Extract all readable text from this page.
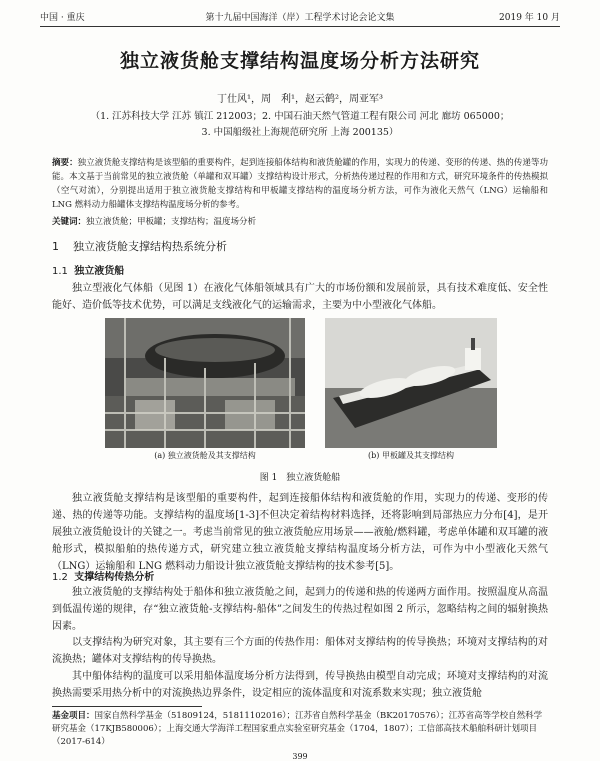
中国 · 重庆	第十九届中国海洋（岸）工程学术讨论会论文集	2019 年 10 月
独立液货舱支撑结构温度场分析方法研究
丁仕风¹，周　利¹，赵云鹤²，周亚军³
（1. 江苏科技大学 江苏 镇江 212003；2. 中国石油天然气管道工程有限公司 河北 廊坊 065000；
3. 中国船级社上海规范研究所 上海 200135）
摘要：独立液货舱支撑结构是该型船的重要构件，起到连接船体结构和液货舱罐的作用，实现力的传递、变形的传递、热的传递等功能。本文基于当前常见的独立液货舱（单罐和双耳罐）支撑结构设计形式，分析热传递过程的作用和方式，研究环境条件的传热模拟（空气对流），分别提出适用于独立液货舱支撑结构和甲板罐支撑结构的温度场分析方法，可作为液化天然气（LNG）运输船和 LNG 燃料动力船罐体支撑结构温度场分析的参考。
关键词：独立液货舱；甲板罐；支撑结构；温度场分析
1 独立液货舱支撑结构热系统分析
1.1 独立液货船
独立型液化气体船（见图 1）在液化气体船领域具有广大的市场份额和发展前景，具有技术难度低、安全性能好、造价低等技术优势，可以满足支线液化气的运输需求，主要为中小型液化气体船。
(a) 独立液货舱及其支撑结构	(b) 甲板罐及其支撑结构
图 1　独立液货舱船
独立液货舱支撑结构是该型船的重要构件，起到连接船体结构和液货舱的作用，实现力的传递、变形的传递、热的传递等功能。支撑结构的温度场[1-3]不但决定着结构材料选择，还将影响到局部热应力分布[4]，是开展独立液货舱设计的关键之一。考虑当前常见的独立液货舱应用场景——液舱/燃料罐，考虑单体罐和双耳罐的液舱形式，模拟船舶的热传递方式，研究建立独立液货舱支撑结构温度场分析方法，可作为中小型液化天然气（LNG）运输船和 LNG 燃料动力船设计独立液货舱支撑结构的技术参考[5]。
1.2 支撑结构传热分析
独立液货舱的支撑结构处于船体和独立液货舱之间，起到力的传递和热的传递两方面作用。按照温度从高温到低温传递的规律，存“独立液货舱-支撑结构-船体”之间发生的传热过程如图 2 所示，忽略结构之间的辐射换热因素。
以支撑结构为研究对象，其主要有三个方面的传热作用：船体对支撑结构的传导换热；环境对支撑结构的对流换热；罐体对支撑结构的传导换热。
其中船体结构的温度可以采用船体温度场分析方法得到，传导换热由模型自动完成；环境对支撑结构的对流换热需要采用热分析中的对流换热边界条件，设定相应的流体温度和对流系数来实现；独立液货舱
基金项目：国家自然科学基金（51809124，51811102016）；江苏省自然科学基金（BK20170576）；江苏省高等学校自然科学研究基金（17KJB580006）；上海交通大学海洋工程国家重点实验室研究基金（1704，1807）；工信部高技术船舶科研计划项目（2017-614）
399
